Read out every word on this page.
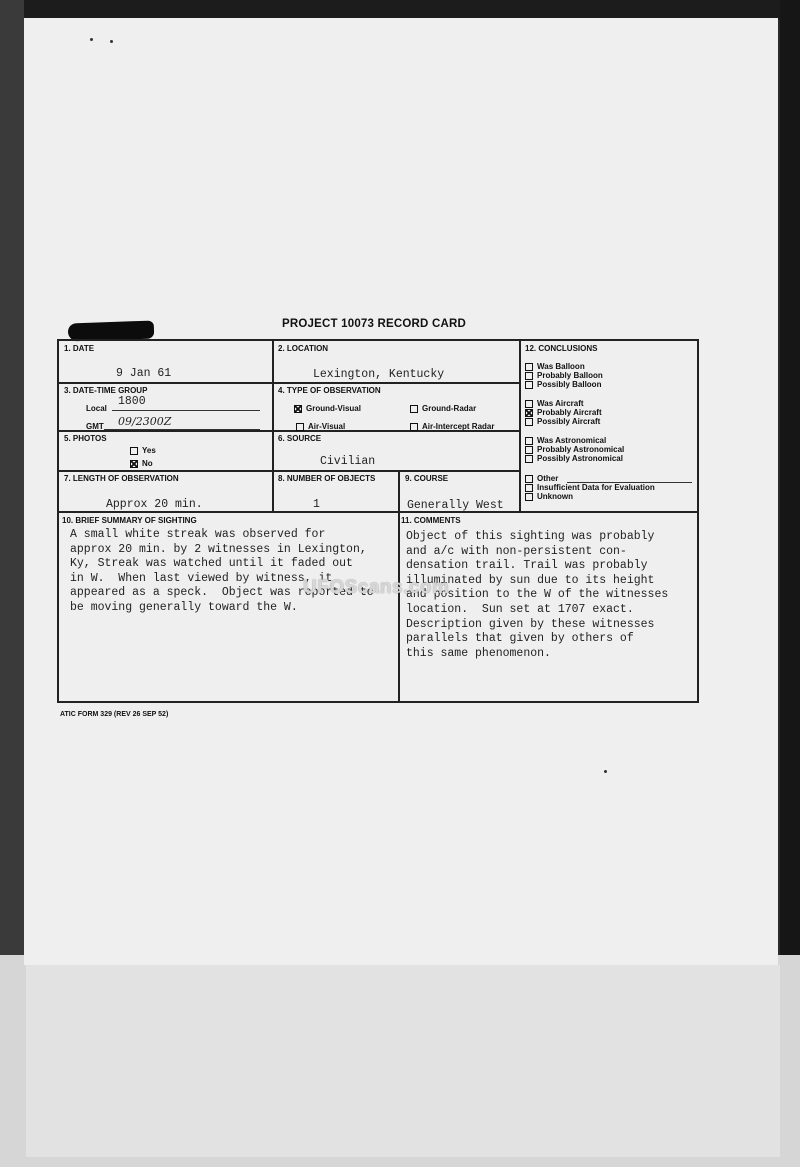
PROJECT 10073 RECORD CARD
1. DATE
9 Jan 61
2. LOCATION
Lexington, Kentucky
3. DATE-TIME GROUP
Local
1800
GMT 09/2300Z
4. TYPE OF OBSERVATION
Ground-Visual	Ground-Radar
Air-Visual	Air-Intercept Radar
5. PHOTOS
Yes
No
6. SOURCE
Civilian
7. LENGTH OF OBSERVATION
Approx 20 min.
8. NUMBER OF OBJECTS
1
9. COURSE
Generally West
12. CONCLUSIONS
Was Balloon
Probably Balloon
Possibly Balloon
Was Aircraft
Probably Aircraft
Possibly Aircraft
Was Astronomical
Probably Astronomical
Possibly Astronomical
Other
Insufficient Data for Evaluation
Unknown
10. BRIEF SUMMARY OF SIGHTING
A small white streak was observed for
approx 20 min. by 2 witnesses in Lexington,
Ky, Streak was watched until it faded out
in W.  When last viewed by witness, it
appeared as a speck.  Object was reported to
be moving generally toward the W.
11. COMMENTS
Object of this sighting was probably
and a/c with non-persistent con-
densation trail. Trail was probably
illuminated by sun due to its height
and position to the W of the witnesses
location.  Sun set at 1707 exact.
Description given by these witnesses
parallels that given by others of
this same phenomenon.
ATIC FORM 329 (REV 26 SEP 52)
UFOScans.com
